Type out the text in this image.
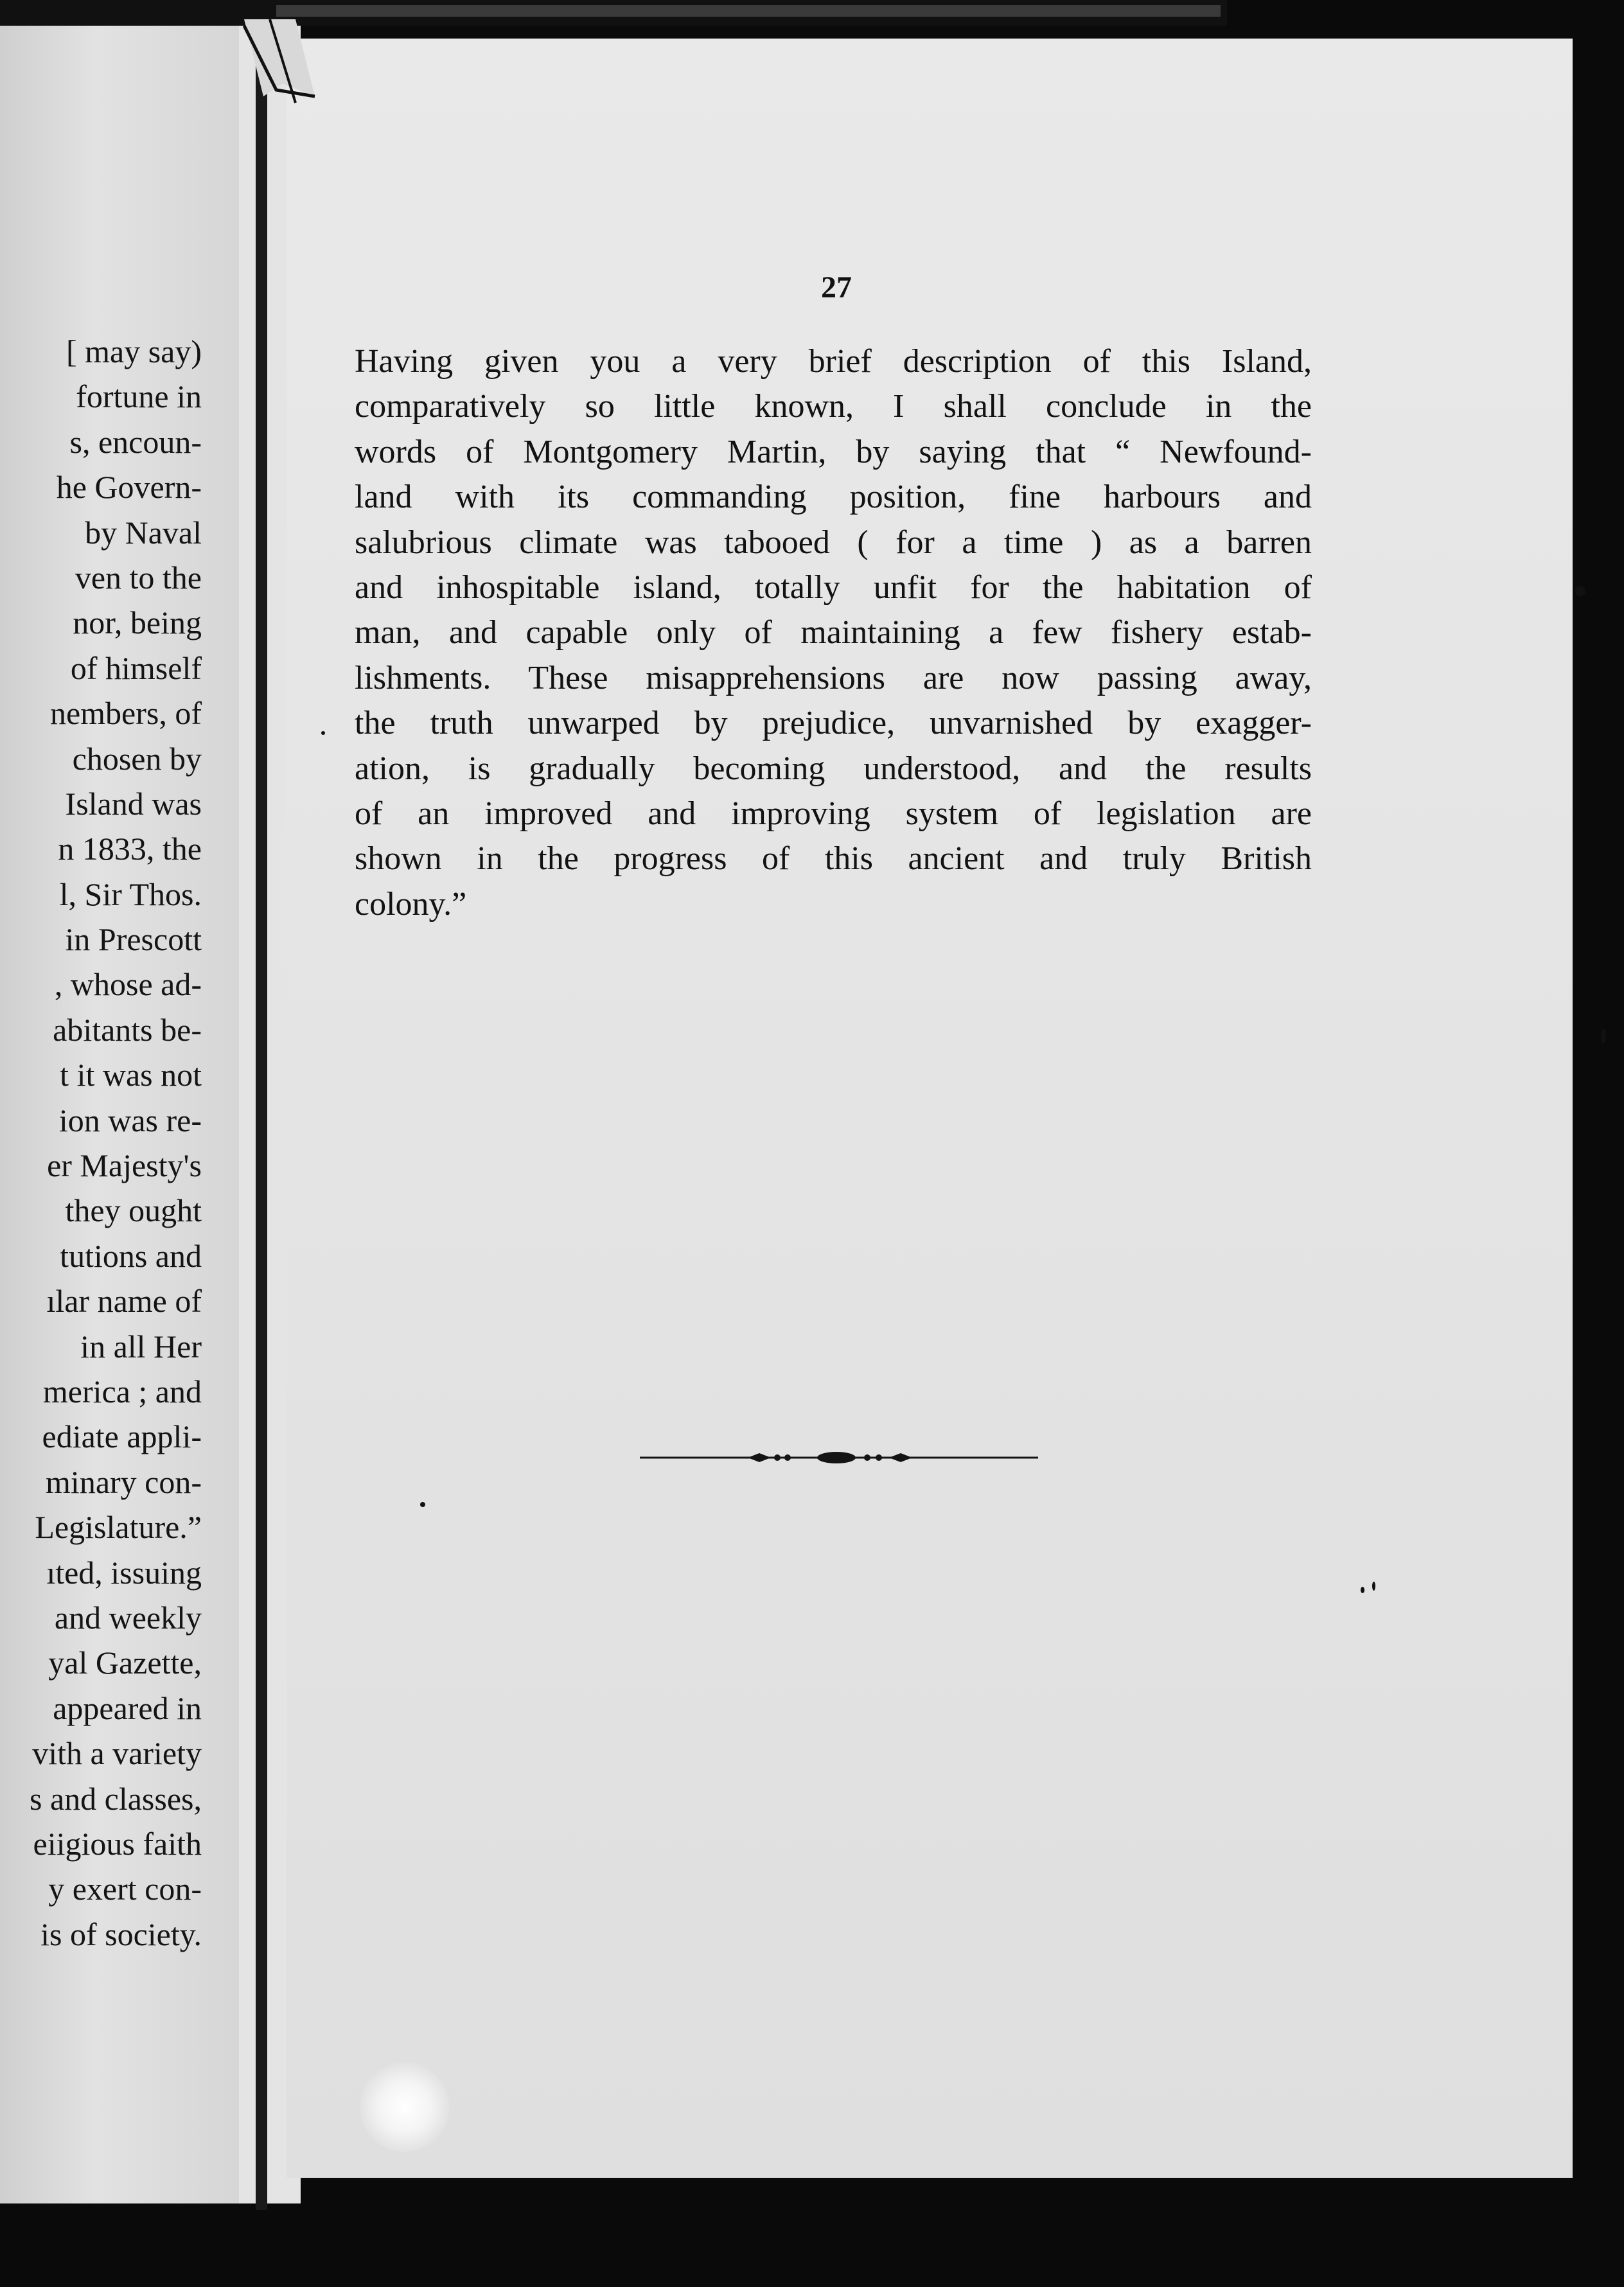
[ may say)
fortune in
s, encoun-
he Govern-
by Naval
ven to the
nor, being
of himself
nembers, of
chosen by
Island was
n 1833, the
l, Sir Thos.
in Prescott
, whose ad-
abitants be-
t it was not
ion was re-
er Majesty's
they ought
tutions and
ılar name of
in all Her
merica ; and
ediate appli-
minary con-
Legislature.”
ıted, issuing
and weekly
yal Gazette,
appeared in
vith a variety
s and classes,
eiigious faith
y exert con-
is of society.
27
Having given you a very brief description of this Island,
comparatively so little known, I shall conclude in the
words of Montgomery Martin, by saying that “ Newfound-
land with its commanding position, fine harbours and
salubrious climate was tabooed ( for a time ) as a barren
and inhospitable island, totally unfit for the habitation of
man, and capable only of maintaining a few fishery estab-
lishments. These misapprehensions are now passing away,
the truth unwarped by prejudice, unvarnished by exagger-
ation, is gradually becoming understood, and the results
of an improved and improving system of legislation are
shown in the progress of this ancient and truly British
colony.”
